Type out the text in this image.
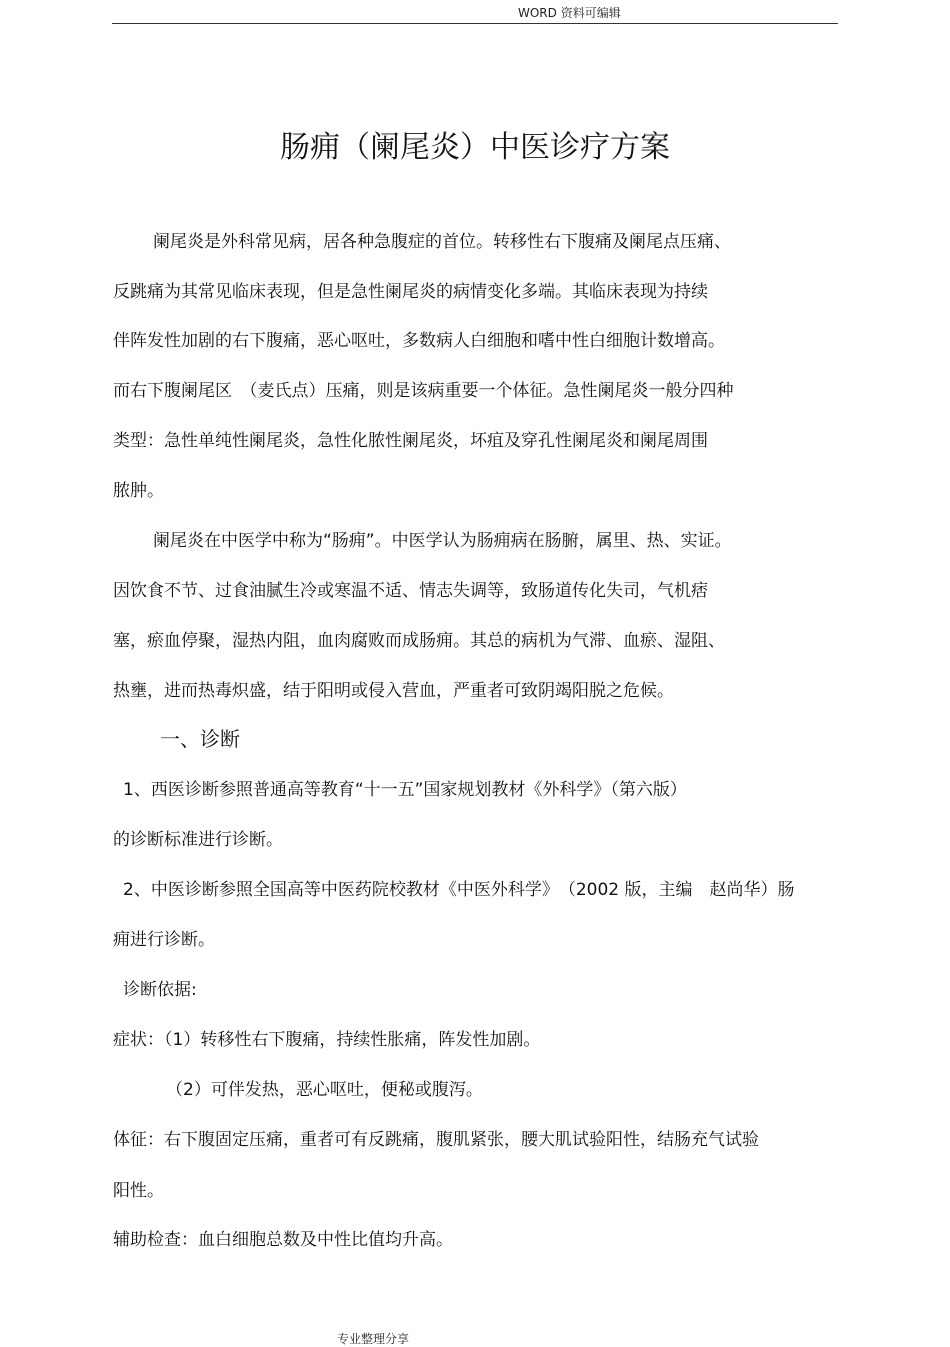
WORD 资料可编辑
肠痈（阑尾炎）中医诊疗方案
阑尾炎是外科常见病，居各种急腹症的首位。转移性右下腹痛及阑尾点压痛、
反跳痛为其常见临床表现，但是急性阑尾炎的病情变化多端。其临床表现为持续
伴阵发性加剧的右下腹痛，恶心呕吐，多数病人白细胞和嗜中性白细胞计数增高。
而右下腹阑尾区　（麦氏点）压痛，则是该病重要一个体征。急性阑尾炎一般分四种
类型：急性单纯性阑尾炎，急性化脓性阑尾炎，坏疽及穿孔性阑尾炎和阑尾周围
脓肿。
阑尾炎在中医学中称为“肠痈”。中医学认为肠痈病在肠腑，属里、热、实证。
因饮食不节、过食油腻生冷或寒温不适、情志失调等，致肠道传化失司，气机痞
塞，瘀血停聚，湿热内阻，血肉腐败而成肠痈。其总的病机为气滞、血瘀、湿阻、
热壅，进而热毒炽盛，结于阳明或侵入营血，严重者可致阴竭阳脱之危候。
一、诊断
1、西医诊断参照普通高等教育“十一五”国家规划教材《外科学》（第六版）
的诊断标准进行诊断。
2、中医诊断参照全国高等中医药院校教材《中医外科学》　（2002 版，主编　赵尚华）肠
痈进行诊断。
诊断依据:
症状：（1）转移性右下腹痛，持续性胀痛，阵发性加剧。
（2）可伴发热，恶心呕吐，便秘或腹泻。
体征：右下腹固定压痛，重者可有反跳痛，腹肌紧张，腰大肌试验阳性，结肠充气试验
阳性。
辅助检查：血白细胞总数及中性比值均升高。
专业整理分享
